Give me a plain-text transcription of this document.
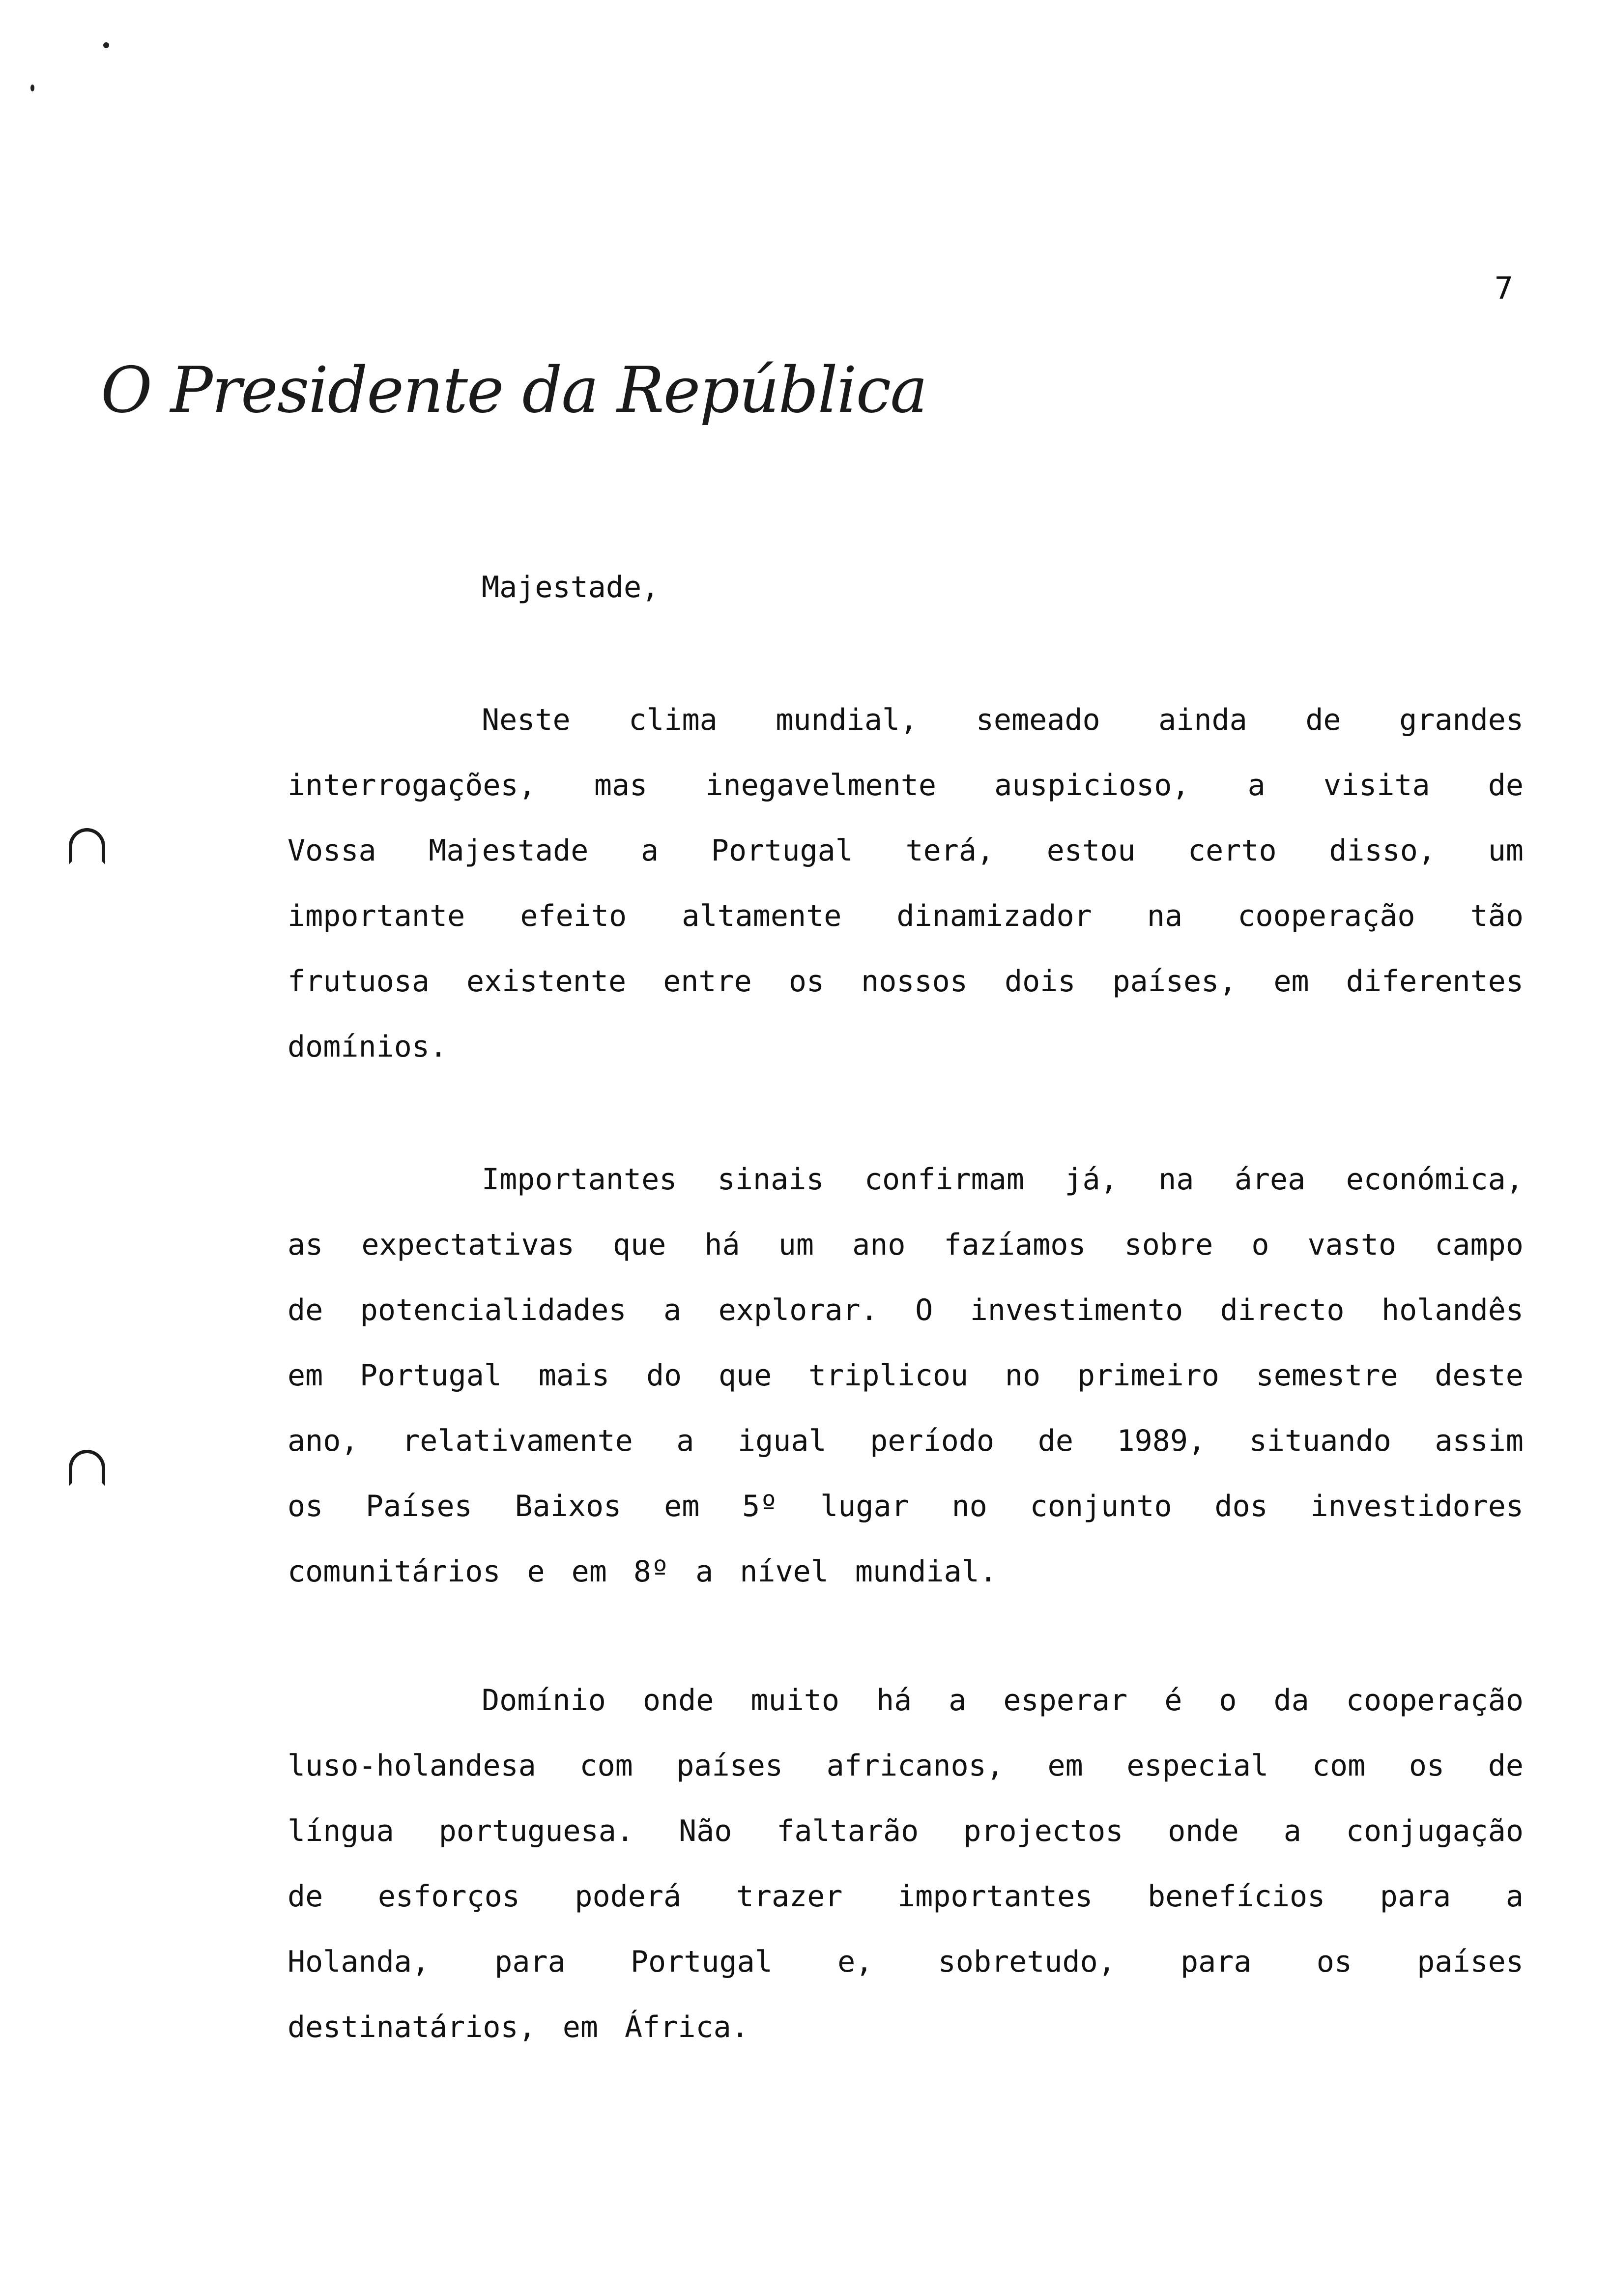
7
O Presidente da República
Majestade,
Neste clima mundial, semeado ainda de grandes
interrogações, mas inegavelmente auspicioso, a visita de
Vossa Majestade a Portugal terá, estou certo disso, um
importante efeito altamente dinamizador na cooperação tão
frutuosa existente entre os nossos dois países, em diferentes
domínios.
Importantes sinais confirmam já, na área económica,
as expectativas que há um ano fazíamos sobre o vasto campo
de potencialidades a explorar. O investimento directo holandês
em Portugal mais do que triplicou no primeiro semestre deste
ano, relativamente a igual período de 1989, situando assim
os Países Baixos em 5º lugar no conjunto dos investidores
comunitários e em 8º a nível mundial.
Domínio onde muito há a esperar é o da cooperação
luso-holandesa com países africanos, em especial com os de
língua portuguesa. Não faltarão projectos onde a conjugação
de esforços poderá trazer importantes benefícios para a
Holanda, para Portugal e, sobretudo, para os países
destinatários, em África.
